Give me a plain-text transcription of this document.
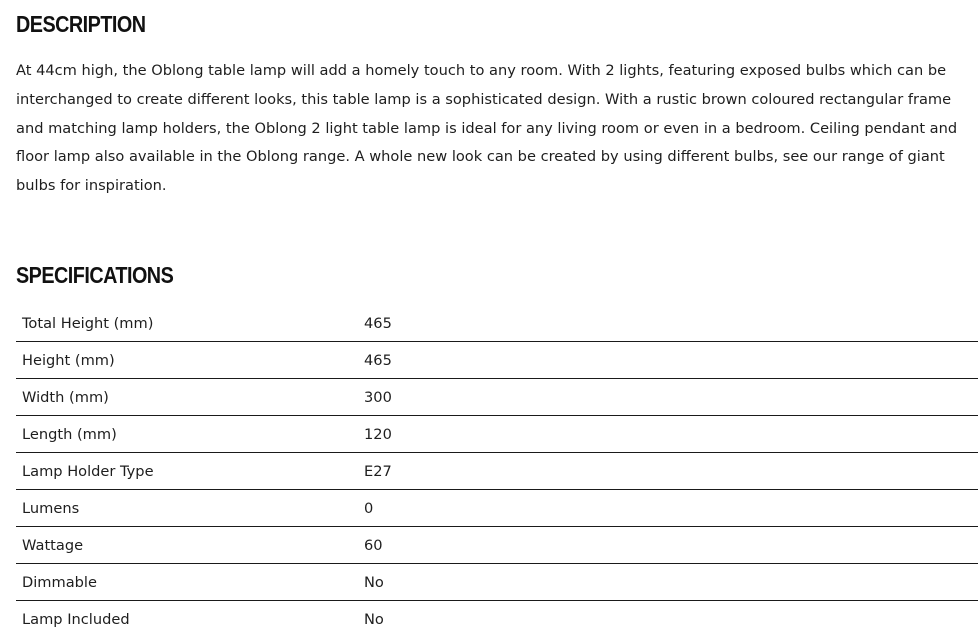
DESCRIPTION

At 44cm high, the Oblong table lamp will add a homely touch to any room. With 2 lights, featuring exposed bulbs which can be interchanged to create different looks, this table lamp is a sophisticated design. With a rustic brown coloured rectangular frame and matching lamp holders, the Oblong 2 light table lamp is ideal for any living room or even in a bedroom. Ceiling pendant and floor lamp also available in the Oblong range. A whole new look can be created by using different bulbs, see our range of giant bulbs for inspiration.

SPECIFICATIONS
Total Height (mm)	465
Height (mm)	465
Width (mm)	300
Length (mm)	120
Lamp Holder Type	E27
Lumens	0
Wattage	60
Dimmable	No
Lamp Included	No
